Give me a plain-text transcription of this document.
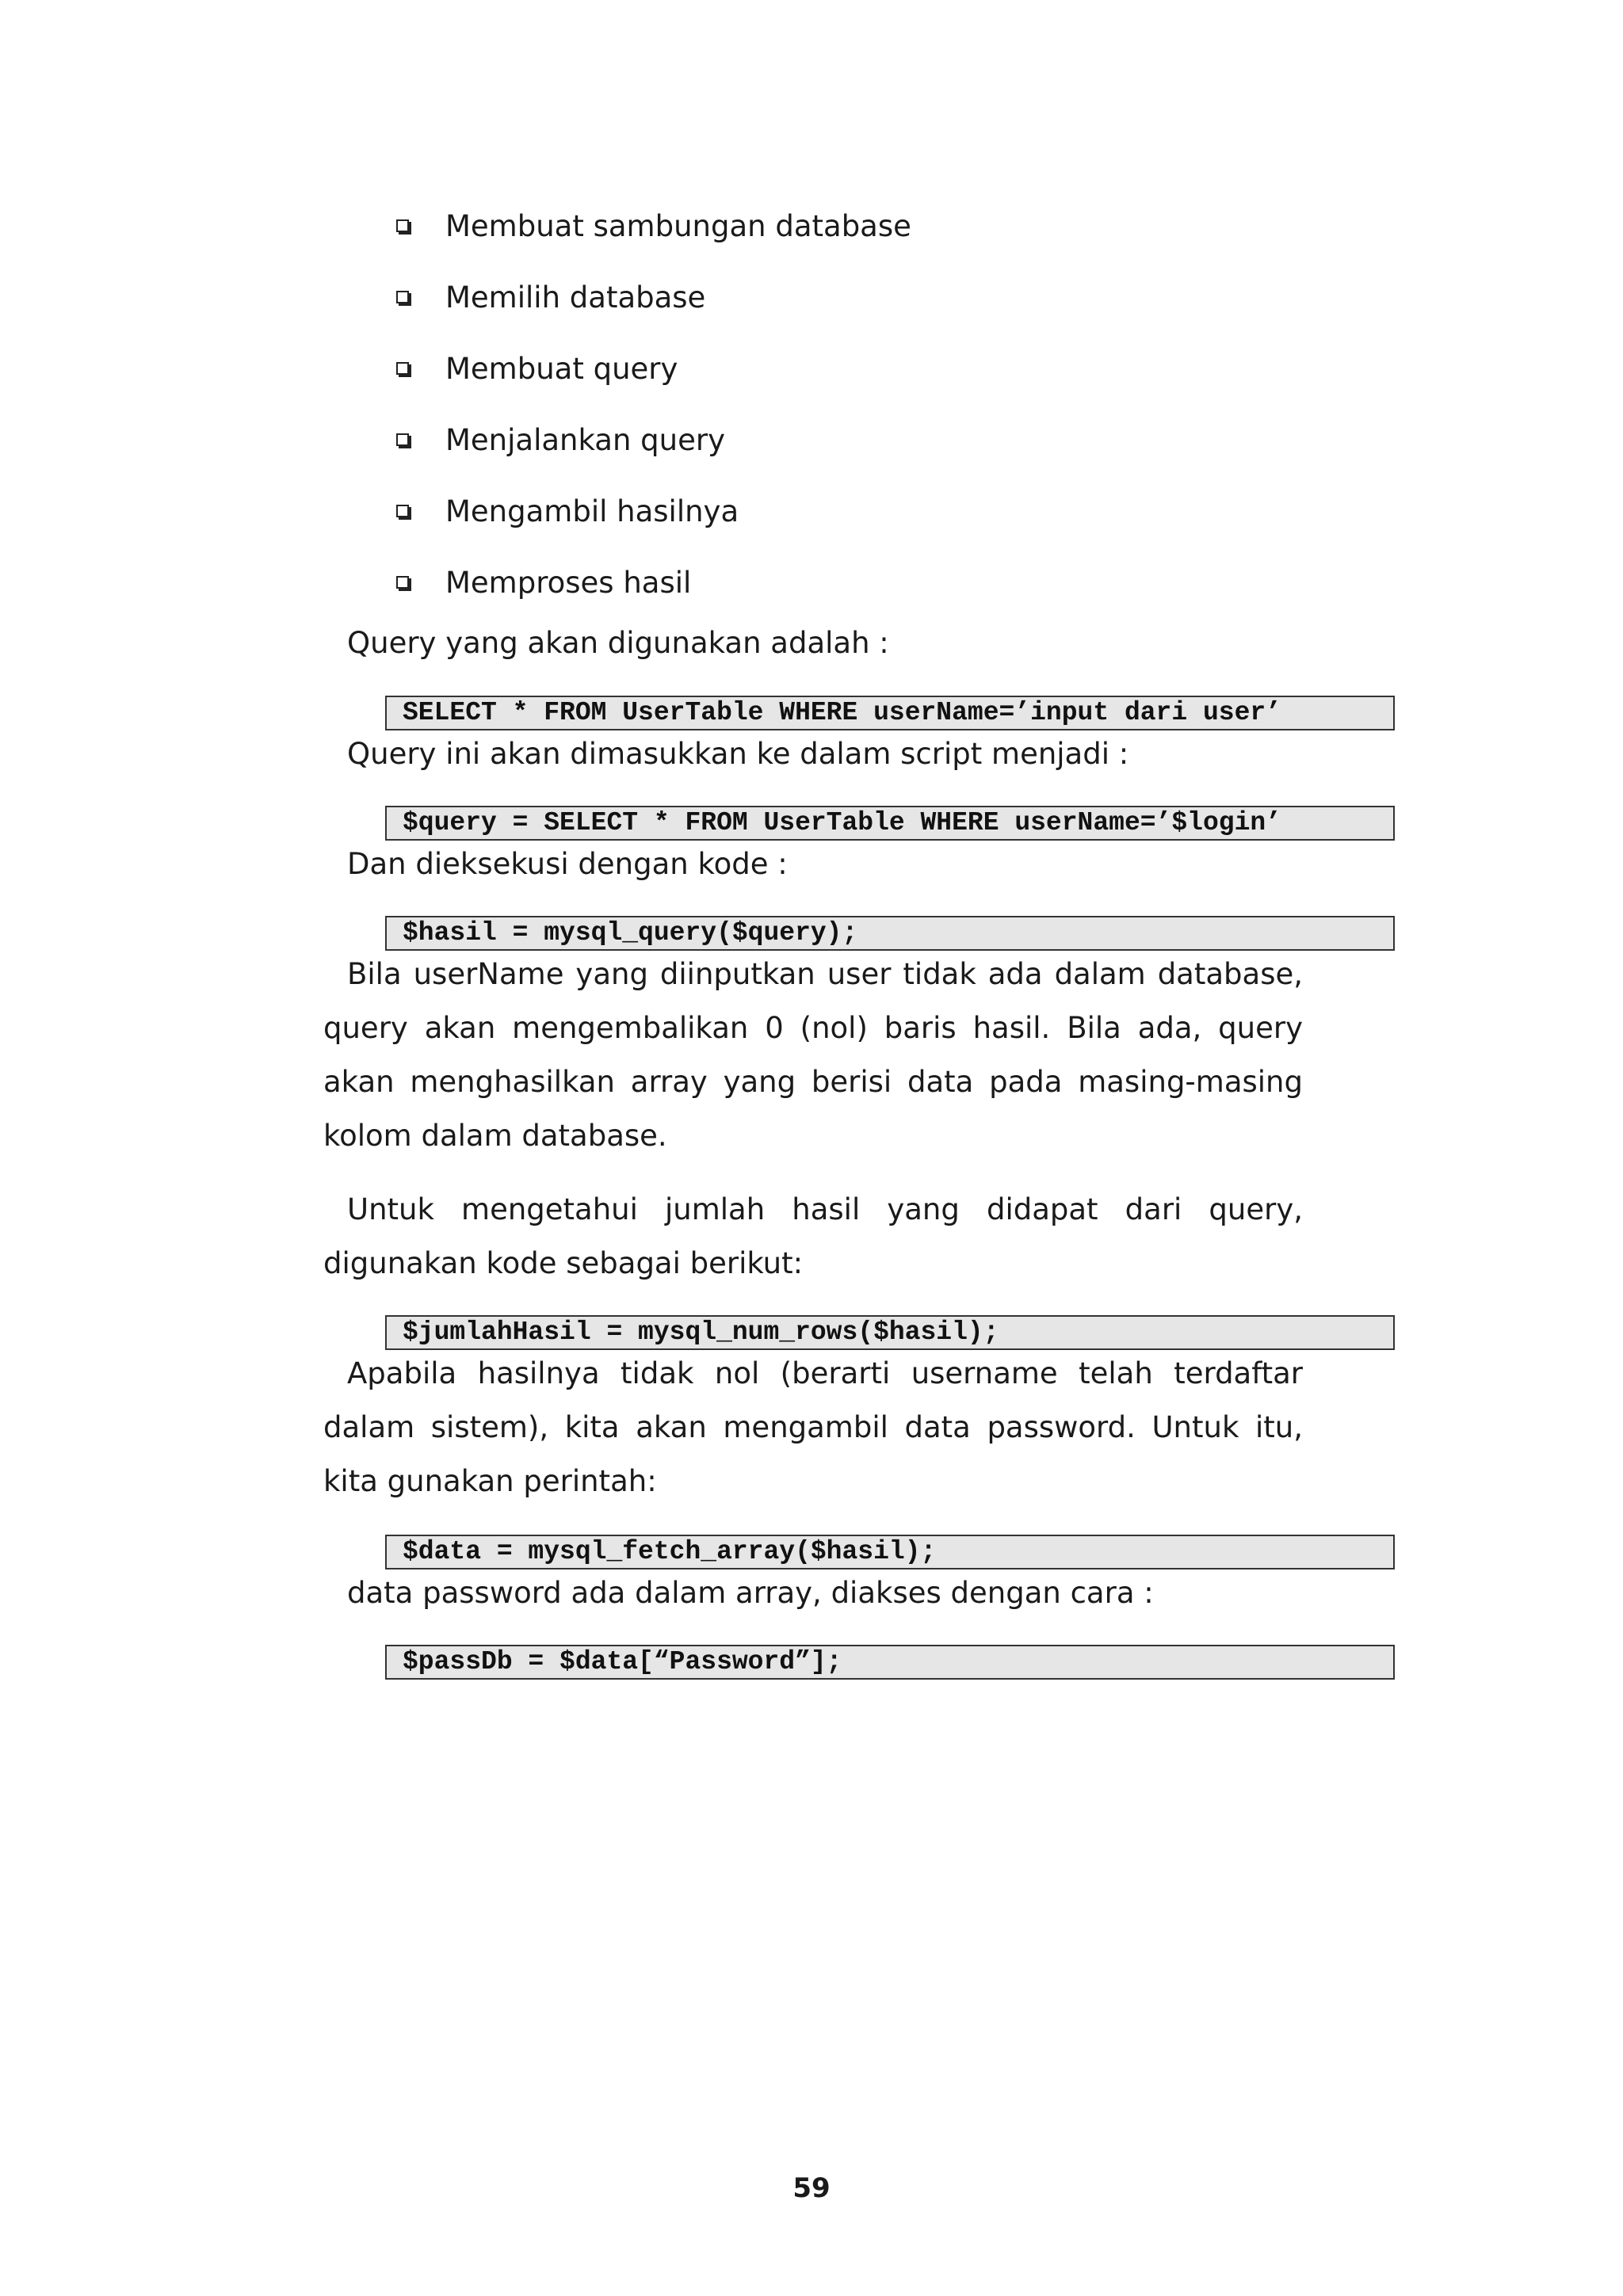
Membuat sambungan database
Memilih database
Membuat query
Menjalankan query
Mengambil hasilnya
Memproses hasil

Query yang akan digunakan adalah :

SELECT * FROM UserTable WHERE userName=’input dari user’

Query ini akan dimasukkan ke dalam script menjadi :

$query = SELECT * FROM UserTable WHERE userName=’$login’

Dan dieksekusi dengan kode :

$hasil = mysql_query($query);

Bila userName yang diinputkan user tidak ada dalam database, query akan mengembalikan 0 (nol) baris hasil. Bila ada, query akan menghasilkan array yang berisi data pada masing-masing kolom dalam database.

Untuk mengetahui jumlah hasil yang didapat dari query, digunakan kode sebagai berikut:

$jumlahHasil = mysql_num_rows($hasil);

Apabila hasilnya tidak nol (berarti username telah terdaftar dalam sistem), kita akan mengambil data password. Untuk itu, kita gunakan perintah:

$data = mysql_fetch_array($hasil);

data password ada dalam array, diakses dengan cara :

$passDb = $data[“Password”];
59
